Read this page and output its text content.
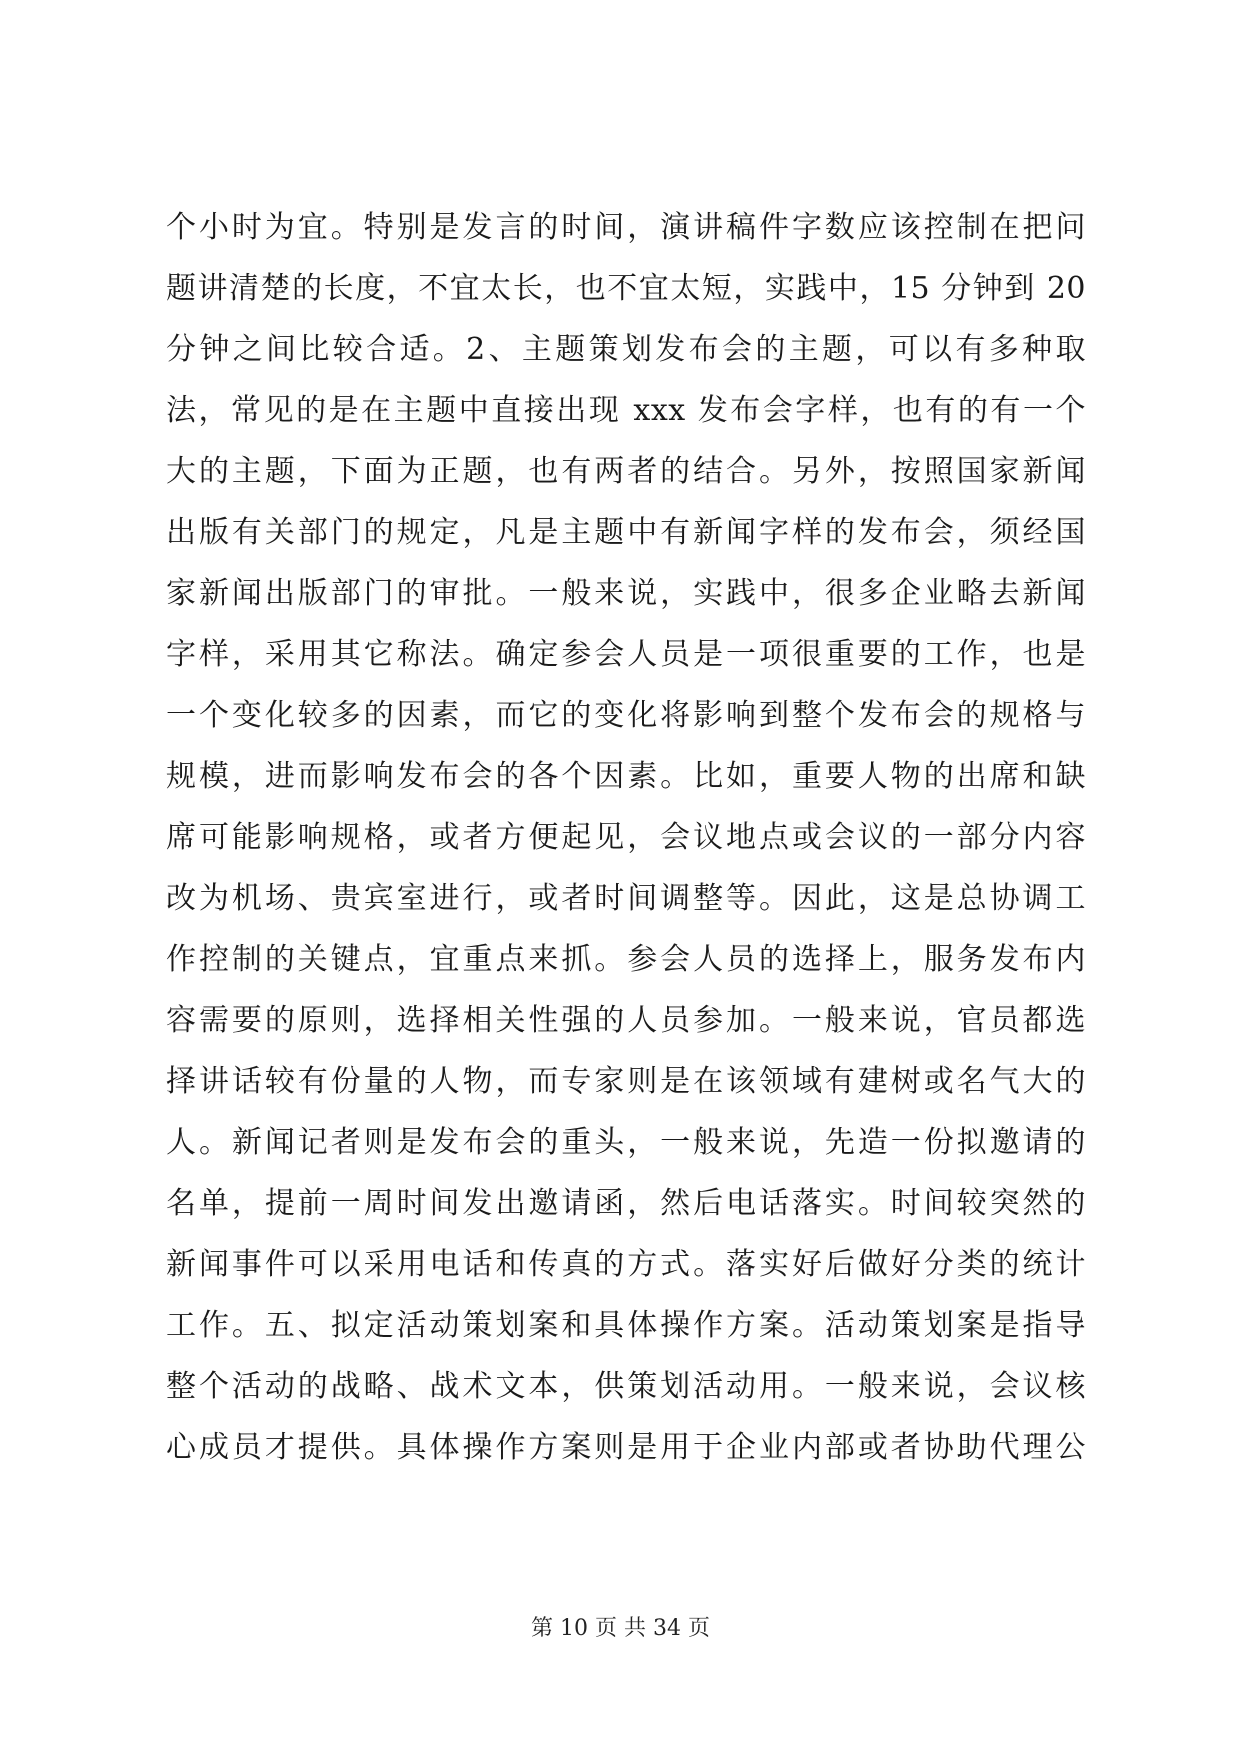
个小时为宜。特别是发言的时间，演讲稿件字数应该控制在把问
题讲清楚的长度，不宜太长，也不宜太短，实践中，15 分钟到 20
分钟之间比较合适。2、主题策划发布会的主题，可以有多种取
法，常见的是在主题中直接出现 xxx 发布会字样，也有的有一个
大的主题，下面为正题，也有两者的结合。另外，按照国家新闻
出版有关部门的规定，凡是主题中有新闻字样的发布会，须经国
家新闻出版部门的审批。一般来说，实践中，很多企业略去新闻
字样，采用其它称法。确定参会人员是一项很重要的工作，也是
一个变化较多的因素，而它的变化将影响到整个发布会的规格与
规模，进而影响发布会的各个因素。比如，重要人物的出席和缺
席可能影响规格，或者方便起见，会议地点或会议的一部分内容
改为机场、贵宾室进行，或者时间调整等。因此，这是总协调工
作控制的关键点，宜重点来抓。参会人员的选择上，服务发布内
容需要的原则，选择相关性强的人员参加。一般来说，官员都选
择讲话较有份量的人物，而专家则是在该领域有建树或名气大的
人。新闻记者则是发布会的重头，一般来说，先造一份拟邀请的
名单，提前一周时间发出邀请函，然后电话落实。时间较突然的
新闻事件可以采用电话和传真的方式。落实好后做好分类的统计
工作。五、拟定活动策划案和具体操作方案。活动策划案是指导
整个活动的战略、战术文本，供策划活动用。一般来说，会议核
心成员才提供。具体操作方案则是用于企业内部或者协助代理公
第 10 页 共 34 页
